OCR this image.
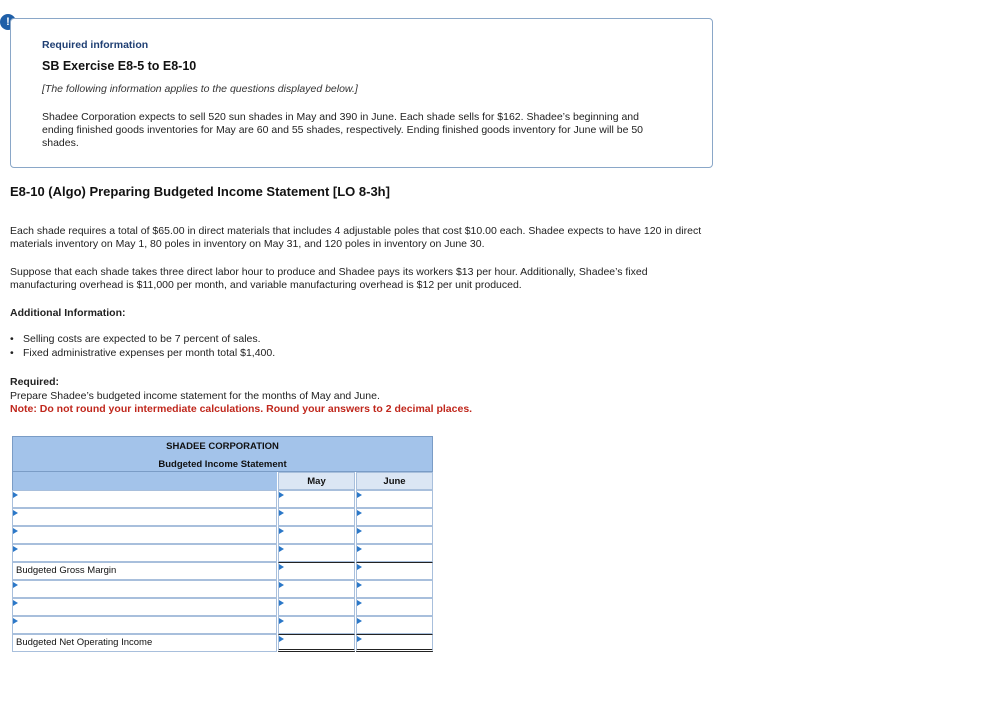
!
Required information
SB Exercise E8-5 to E8-10
[The following information applies to the questions displayed below.]
Shadee Corporation expects to sell 520 sun shades in May and 390 in June. Each shade sells for $162. Shadee’s beginning and ending finished goods inventories for May are 60 and 55 shades, respectively. Ending finished goods inventory for June will be 50 shades.
E8-10 (Algo) Preparing Budgeted Income Statement [LO 8-3h]
Each shade requires a total of $65.00 in direct materials that includes 4 adjustable poles that cost $10.00 each. Shadee expects to have 120 in direct materials inventory on May 1, 80 poles in inventory on May 31, and 120 poles in inventory on June 30.
Suppose that each shade takes three direct labor hour to produce and Shadee pays its workers $13 per hour. Additionally, Shadee’s fixed manufacturing overhead is $11,000 per month, and variable manufacturing overhead is $12 per unit produced.
Additional Information:
• Selling costs are expected to be 7 percent of sales.
• Fixed administrative expenses per month total $1,400.
Required:
Prepare Shadee’s budgeted income statement for the months of May and June.
Note: Do not round your intermediate calculations. Round your answers to 2 decimal places.
SHADEE CORPORATION
Budgeted Income Statement
May	June
Budgeted Gross Margin
Budgeted Net Operating Income
